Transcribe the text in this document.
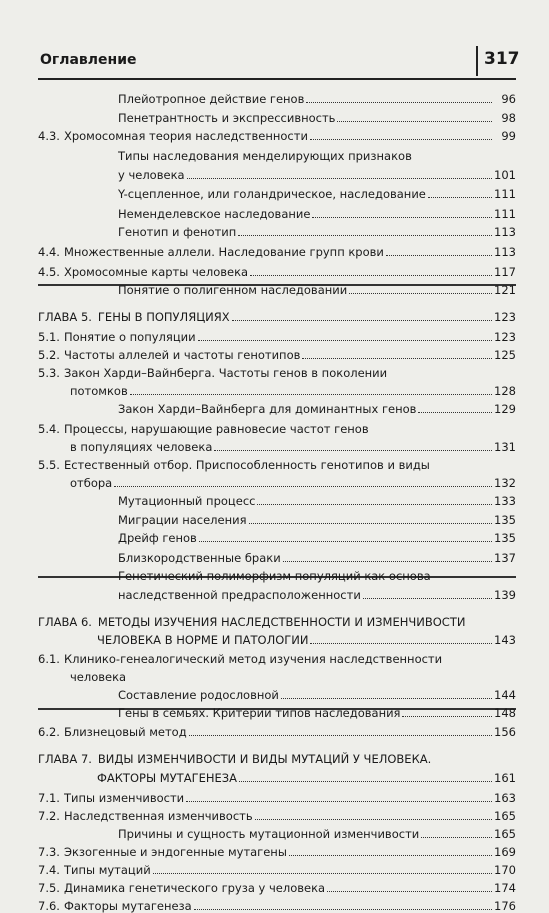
Оглавление	317
Плейотропное действие генов	96
Пенетрантность и экспрессивность	98
4.3. Хромосомная теория наследственности	99
Типы наследования менделирующих признаков
у человека	101
Y-сцепленное, или голандрическое, наследование	111
Неменделевское наследование	111
Генотип и фенотип	113
4.4. Множественные аллели. Наследование групп крови	113
4.5. Хромосомные карты человека	117
Понятие о полигенном наследовании	121
ГЛАВА 5. ГЕНЫ В ПОПУЛЯЦИЯХ	123
5.1. Понятие о популяции	123
5.2. Частоты аллелей и частоты генотипов	125
5.3. Закон Харди–Вайнберга. Частоты генов в поколении
потомков	128
Закон Харди–Вайнберга для доминантных генов	129
5.4. Процессы, нарушающие равновесие частот генов
в популяциях человека	131
5.5. Естественный отбор. Приспособленность генотипов и виды
отбора	132
Мутационный процесс	133
Миграции населения	135
Дрейф генов	135
Близкородственные браки	137
Генетический полиморфизм популяций как основа
наследственной предрасположенности	139
ГЛАВА 6. МЕТОДЫ ИЗУЧЕНИЯ НАСЛЕДСТВЕННОСТИ И ИЗМЕНЧИВОСТИ
ЧЕЛОВЕКА В НОРМЕ И ПАТОЛОГИИ	143
6.1. Клинико-генеалогический метод изучения наследственности
человека
Составление родословной	144
Гены в семьях. Критерии типов наследования	148
6.2. Близнецовый метод	156
ГЛАВА 7. ВИДЫ ИЗМЕНЧИВОСТИ И ВИДЫ МУТАЦИЙ У ЧЕЛОВЕКА.
ФАКТОРЫ МУТАГЕНЕЗА	161
7.1. Типы изменчивости	163
7.2. Наследственная изменчивость	165
Причины и сущность мутационной изменчивости	165
7.3. Экзогенные и эндогенные мутагены	169
7.4. Типы мутаций	170
7.5. Динамика генетического груза у человека	174
7.6. Факторы мутагенеза	176
